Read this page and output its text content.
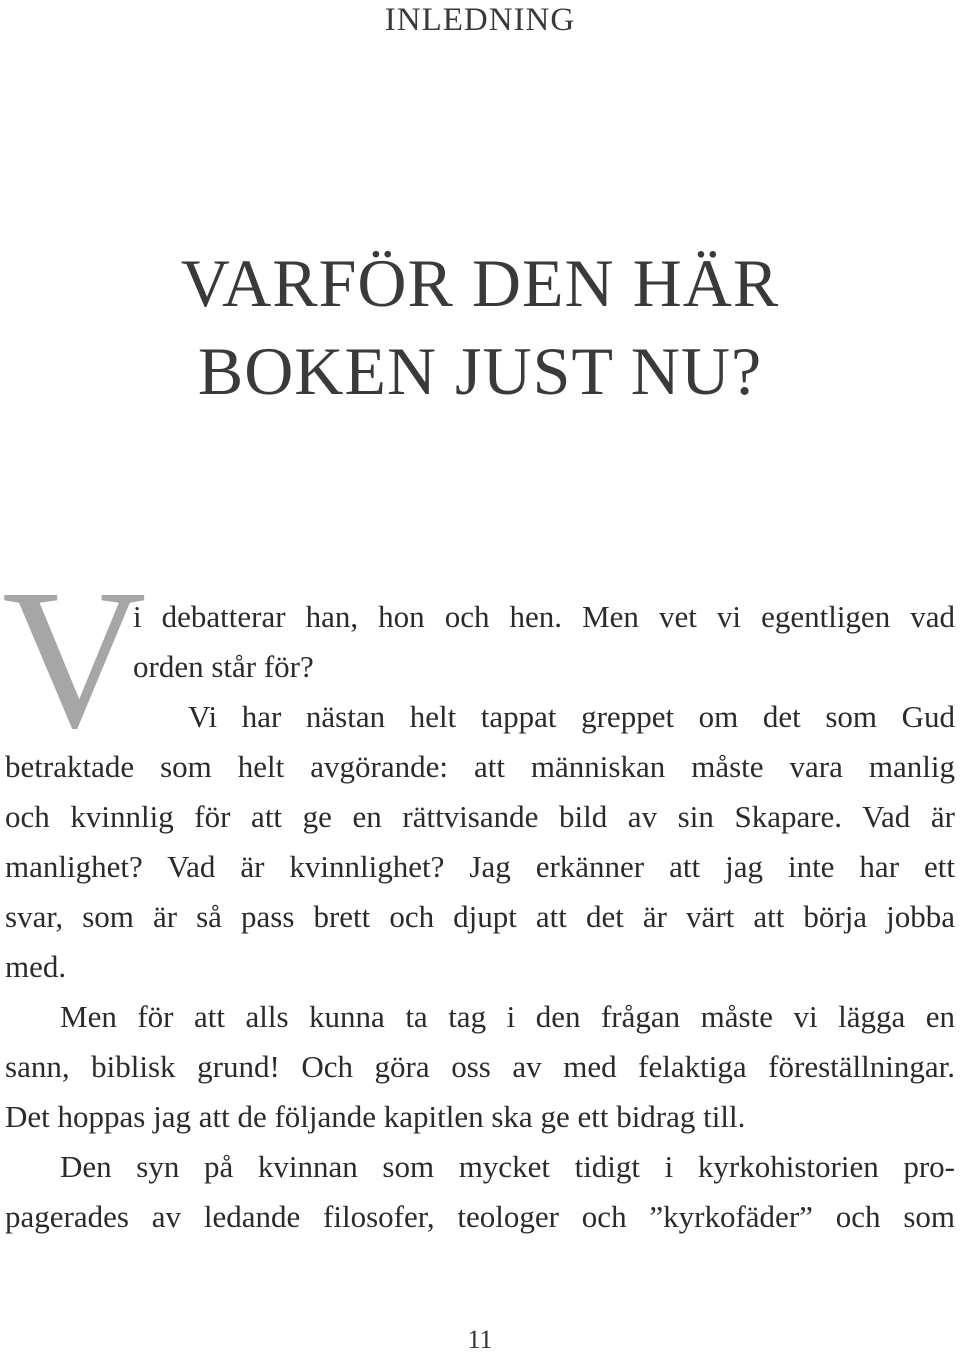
INLEDNING
VARFÖR DEN HÄR
BOKEN JUST NU?
V
i debatterar han, hon och hen. Men vet vi egentligen vad
orden står för?
Vi har nästan helt tappat greppet om det som Gud
betraktade som helt avgörande: att människan måste vara manlig
och kvinnlig för att ge en rättvisande bild av sin Skapare. Vad är
manlighet? Vad är kvinnlighet? Jag erkänner att jag inte har ett
svar, som är så pass brett och djupt att det är värt att börja jobba
med.
Men för att alls kunna ta tag i den frågan måste vi lägga en
sann, biblisk grund! Och göra oss av med felaktiga föreställningar.
Det hoppas jag att de följande kapitlen ska ge ett bidrag till.
Den syn på kvinnan som mycket tidigt i kyrkohistorien pro-
pagerades av ledande filosofer, teologer och ”kyrkofäder” och som
11
